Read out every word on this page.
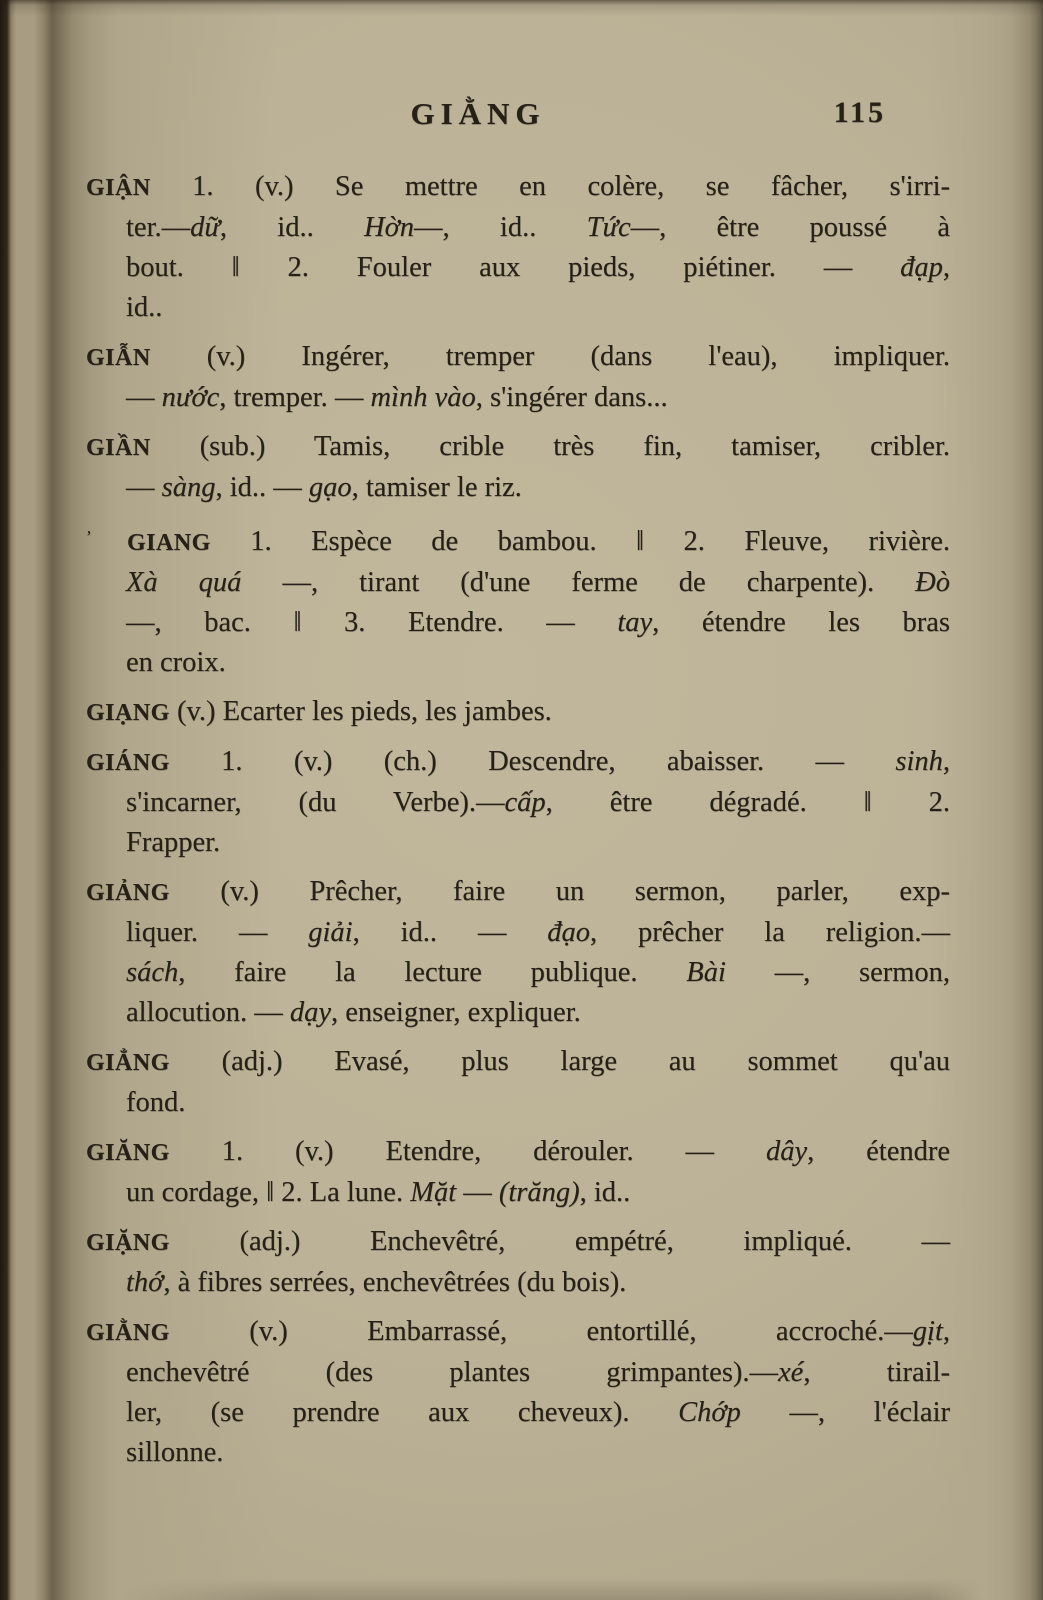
GIẰNG	115
GIẬN 1. (v.) Se mettre en colère, se fâcher, s'irri-
ter.—dữ, id.. Hờn—, id.. Tức—, être poussé à
bout. ‖ 2. Fouler aux pieds, piétiner. — đạp,
id..
GIẪN (v.) Ingérer, tremper (dans l'eau), impliquer.
— nước, tremper. — mình vào, s'ingérer dans...
GIẦN (sub.) Tamis, crible très fin, tamiser, cribler.
— sàng, id.. — gạo, tamiser le riz.
’ GIANG 1. Espèce de bambou. ‖ 2. Fleuve, rivière.
Xà quá —, tirant (d'une ferme de charpente). Đò
—, bac. ‖ 3. Etendre. — tay, étendre les bras
en croix.
GIẠNG (v.) Ecarter les pieds, les jambes.
GIÁNG 1. (v.) (ch.) Descendre, abaisser. — sinh,
s'incarner, (du Verbe).—cấp, être dégradé. ‖ 2.
Frapper.
GIẢNG (v.) Prêcher, faire un sermon, parler, exp-
liquer. — giải, id.. — đạo, prêcher la religion.—
sách, faire la lecture publique. Bài —, sermon,
allocution. — dạy, enseigner, expliquer.
GIẲNG (adj.) Evasé, plus large au sommet qu'au
fond.
GIĂNG 1. (v.) Etendre, dérouler. — dây, étendre
un cordage, ‖ 2. La lune. Mặt — (trăng), id..
GIẶNG (adj.) Enchevêtré, empétré, impliqué. —
thớ, à fibres serrées, enchevêtrées (du bois).
GIẰNG (v.) Embarrassé, entortillé, accroché.—gịt,
enchevêtré (des plantes grimpantes).—xé, tirail-
ler, (se prendre aux cheveux). Chớp —, l'éclair
sillonne.
